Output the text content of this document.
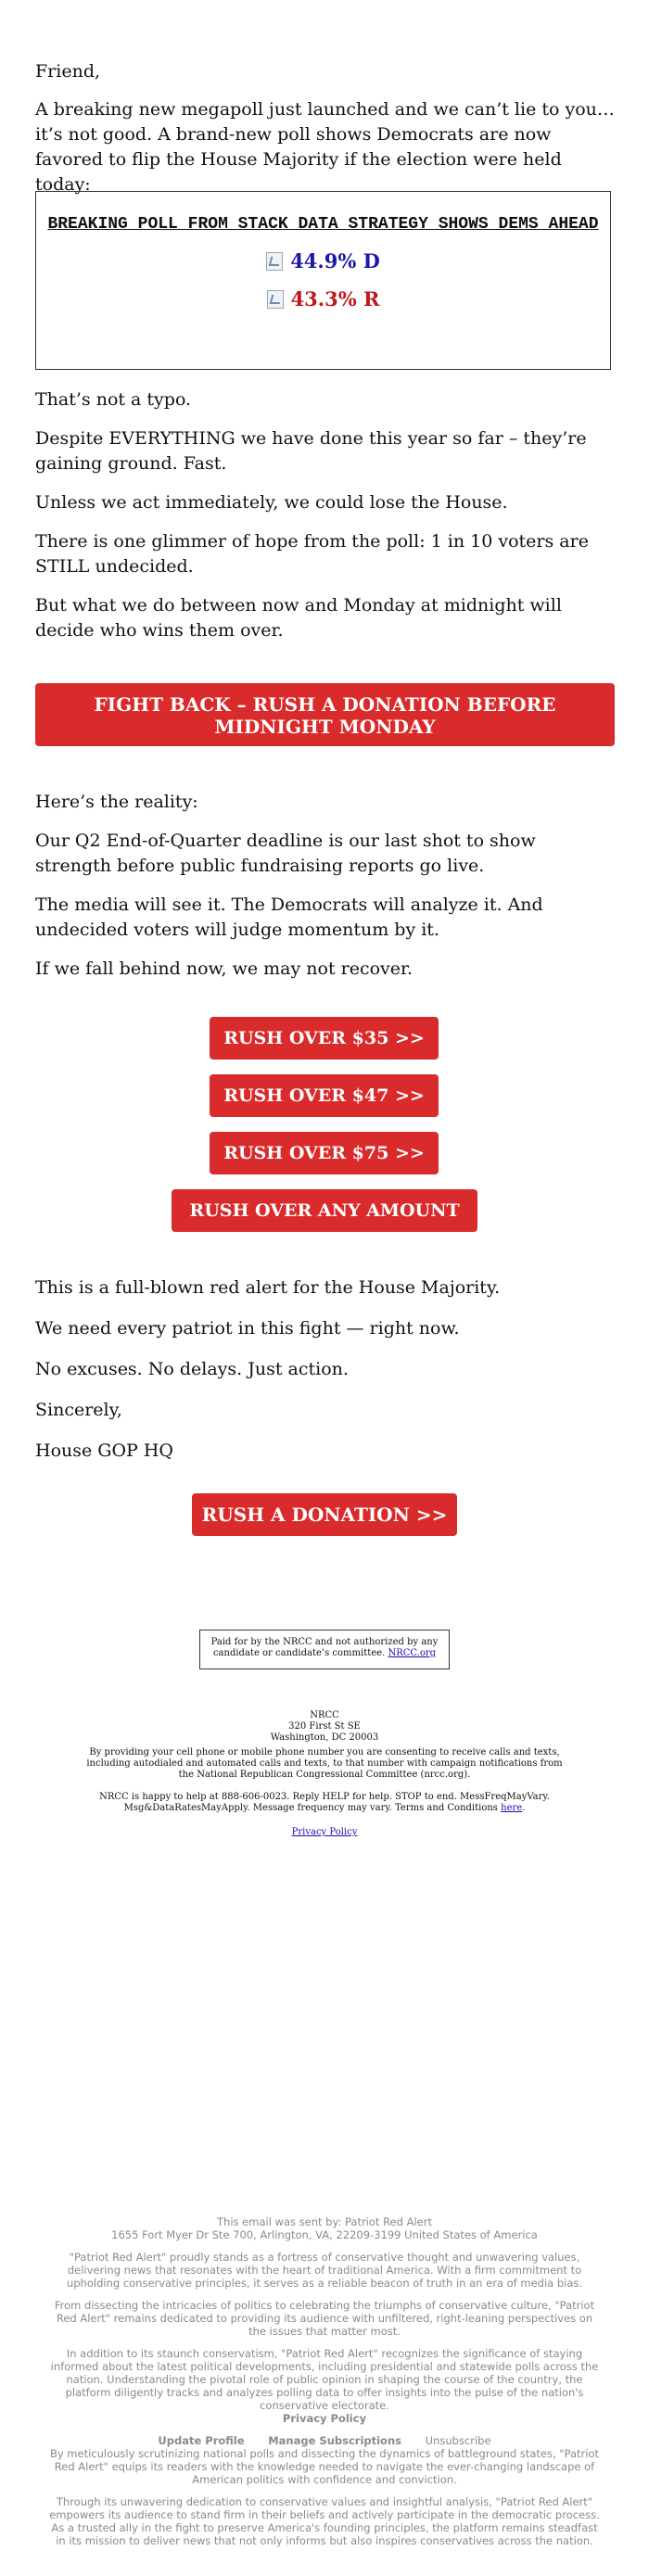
Friend,

A breaking new megapoll just launched and we can’t lie to you…it’s not good. A brand-new poll shows Democrats are now favored to flip the House Majority if the election were held today:

BREAKING POLL FROM STACK DATA STRATEGY SHOWS DEMS AHEAD
44.9% D
43.3% R

That’s not a typo.

Despite EVERYTHING we have done this year so far – they’re gaining ground. Fast.

Unless we act immediately, we could lose the House.

There is one glimmer of hope from the poll: 1 in 10 voters are STILL undecided.

But what we do between now and Monday at midnight will decide who wins them over.

FIGHT BACK – RUSH A DONATION BEFORE MIDNIGHT MONDAY

Here’s the reality:

Our Q2 End-of-Quarter deadline is our last shot to show strength before public fundraising reports go live.

The media will see it. The Democrats will analyze it. And undecided voters will judge momentum by it.

If we fall behind now, we may not recover.

RUSH OVER $35 >>
RUSH OVER $47 >>
RUSH OVER $75 >>
RUSH OVER ANY AMOUNT

This is a full-blown red alert for the House Majority.

We need every patriot in this fight — right now.

No excuses. No delays. Just action.

Sincerely,

House GOP HQ

RUSH A DONATION >>
Paid for by the NRCC and not authorized by any candidate or candidate’s committee. NRCC.org
NRCC
320 First St SE
Washington, DC 20003
By providing your cell phone or mobile phone number you are consenting to receive calls and texts, including autodialed and automated calls and texts, to that number with campaign notifications from the National Republican Congressional Committee (nrcc.org).
NRCC is happy to help at 888-606-0023. Reply HELP for help. STOP to end. MessFreqMayVary. Msg&DataRatesMayApply. Message frequency may vary. Terms and Conditions here.
Privacy Policy
This email was sent by: Patriot Red Alert
1655 Fort Myer Dr Ste 700, Arlington, VA, 22209-3199 United States of America
"Patriot Red Alert" proudly stands as a fortress of conservative thought and unwavering values, delivering news that resonates with the heart of traditional America. With a firm commitment to upholding conservative principles, it serves as a reliable beacon of truth in an era of media bias.
From dissecting the intricacies of politics to celebrating the triumphs of conservative culture, "Patriot Red Alert" remains dedicated to providing its audience with unfiltered, right-leaning perspectives on the issues that matter most.
In addition to its staunch conservatism, "Patriot Red Alert" recognizes the significance of staying informed about the latest political developments, including presidential and statewide polls across the nation. Understanding the pivotal role of public opinion in shaping the course of the country, the platform diligently tracks and analyzes polling data to offer insights into the pulse of the nation's conservative electorate.
Privacy Policy
Update Profile Manage Subscriptions Unsubscribe
By meticulously scrutinizing national polls and dissecting the dynamics of battleground states, "Patriot Red Alert" equips its readers with the knowledge needed to navigate the ever-changing landscape of American politics with confidence and conviction.
Through its unwavering dedication to conservative values and insightful analysis, "Patriot Red Alert" empowers its audience to stand firm in their beliefs and actively participate in the democratic process. As a trusted ally in the fight to preserve America's founding principles, the platform remains steadfast in its mission to deliver news that not only informs but also inspires conservatives across the nation.
